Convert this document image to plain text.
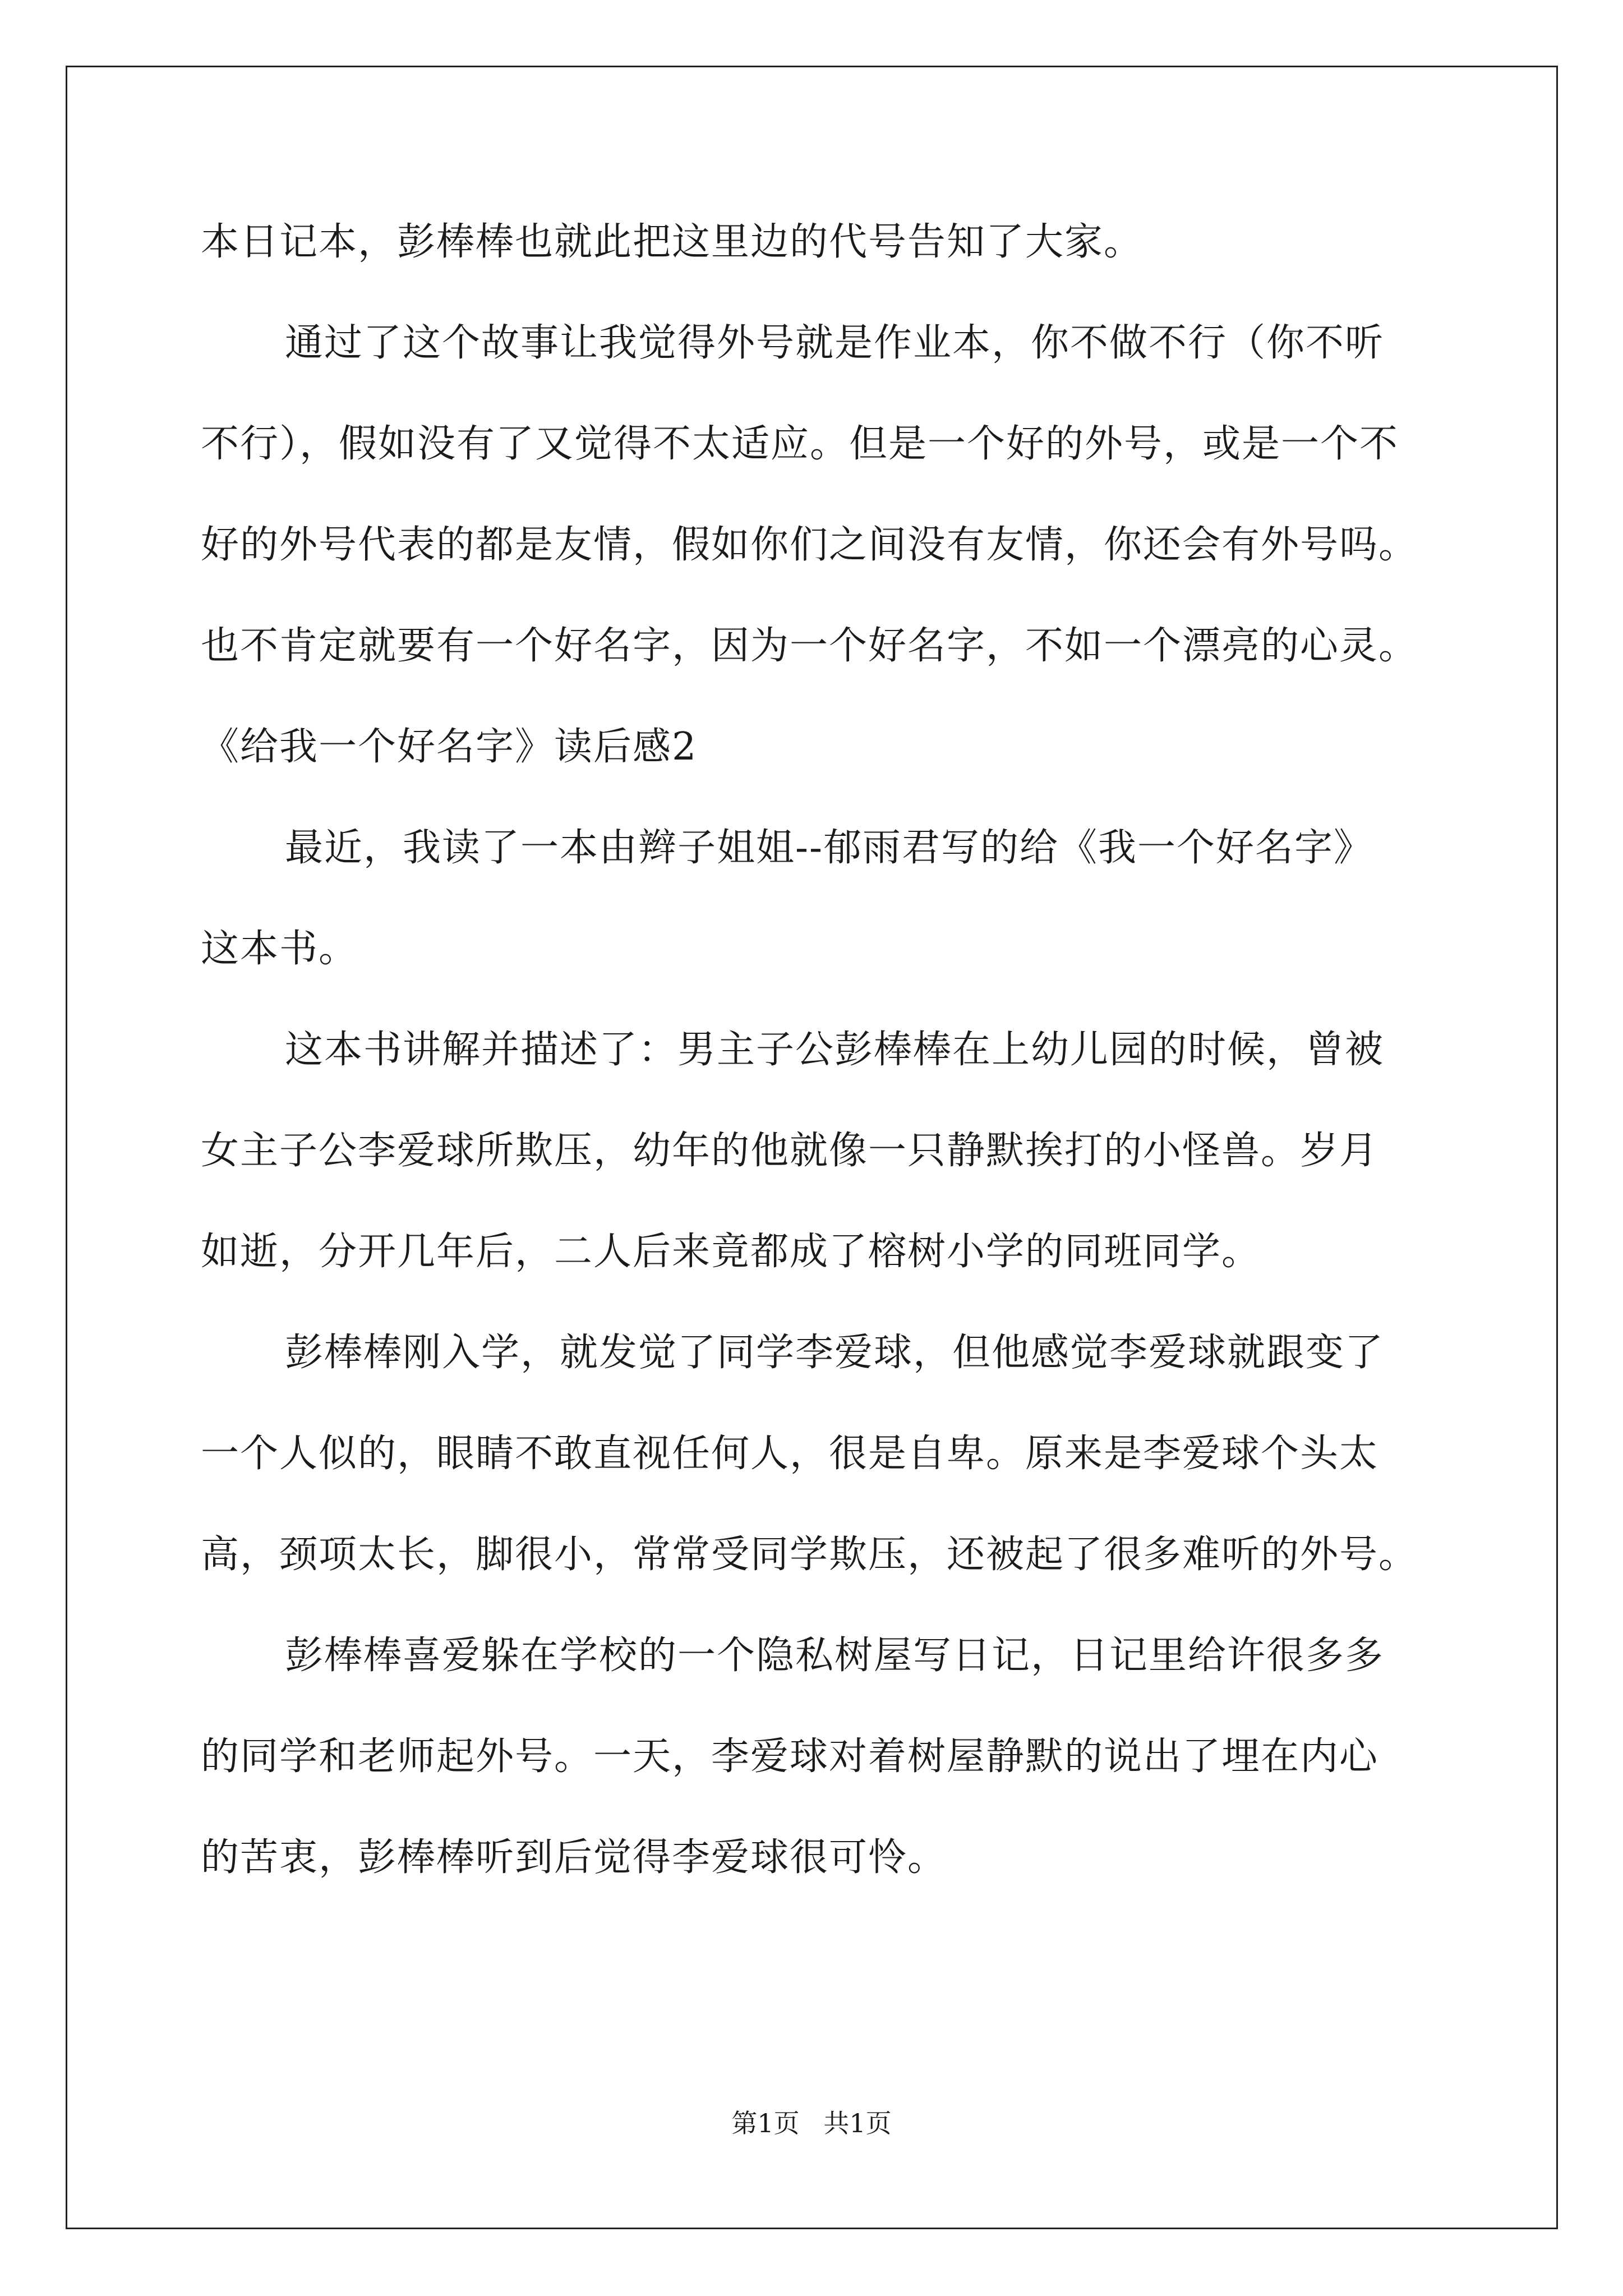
本日记本，彭棒棒也就此把这里边的代号告知了大家。
通过了这个故事让我觉得外号就是作业本，你不做不行（你不听
不行），假如没有了又觉得不太适应。但是一个好的外号，或是一个不
好的外号代表的都是友情，假如你们之间没有友情，你还会有外号吗。
也不肯定就要有一个好名字，因为一个好名字，不如一个漂亮的心灵。
《给我一个好名字》读后感2
最近，我读了一本由辫子姐姐--郁雨君写的给《我一个好名字》
这本书。
这本书讲解并描述了：男主子公彭棒棒在上幼儿园的时候，曾被
女主子公李爱球所欺压，幼年的他就像一只静默挨打的小怪兽。岁月
如逝，分开几年后，二人后来竟都成了榕树小学的同班同学。
彭棒棒刚入学，就发觉了同学李爱球，但他感觉李爱球就跟变了
一个人似的，眼睛不敢直视任何人，很是自卑。原来是李爱球个头太
高，颈项太长，脚很小，常常受同学欺压，还被起了很多难听的外号。
彭棒棒喜爱躲在学校的一个隐私树屋写日记，日记里给许很多多
的同学和老师起外号。一天，李爱球对着树屋静默的说出了埋在内心
的苦衷，彭棒棒听到后觉得李爱球很可怜。
第1页 共1页
